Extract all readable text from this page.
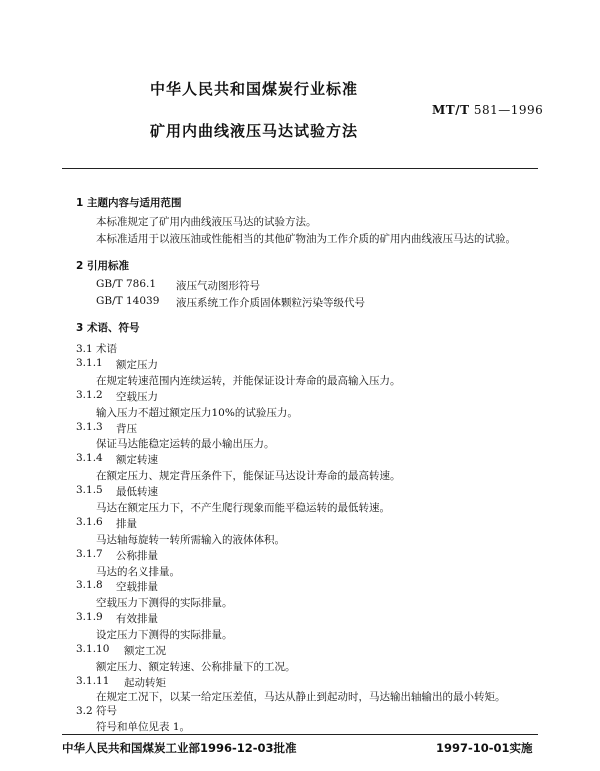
中华人民共和国煤炭行业标准
MT/T 581—1996
矿用内曲线液压马达试验方法
1 主题内容与适用范围
本标准规定了矿用内曲线液压马达的试验方法。
本标准适用于以液压油或性能相当的其他矿物油为工作介质的矿用内曲线液压马达的试验。
2 引用标准
GB/T 786.1 液压气动图形符号
GB/T 14039 液压系统工作介质固体颗粒污染等级代号
3 术语、符号
3.1 术语
3.1.1 额定压力
在规定转速范围内连续运转，并能保证设计寿命的最高输入压力。
3.1.2 空载压力
输入压力不超过额定压力10%的试验压力。
3.1.3 背压
保证马达能稳定运转的最小输出压力。
3.1.4 额定转速
在额定压力、规定背压条件下，能保证马达设计寿命的最高转速。
3.1.5 最低转速
马达在额定压力下，不产生爬行现象而能平稳运转的最低转速。
3.1.6 排量
马达轴每旋转一转所需输入的液体体积。
3.1.7 公称排量
马达的名义排量。
3.1.8 空载排量
空载压力下测得的实际排量。
3.1.9 有效排量
设定压力下测得的实际排量。
3.1.10 额定工况
额定压力、额定转速、公称排量下的工况。
3.1.11 起动转矩
在规定工况下，以某一给定压差值，马达从静止到起动时，马达输出轴输出的最小转矩。
3.2 符号
符号和单位见表 1。
中华人民共和国煤炭工业部1996-12-03批准	1997-10-01实施
